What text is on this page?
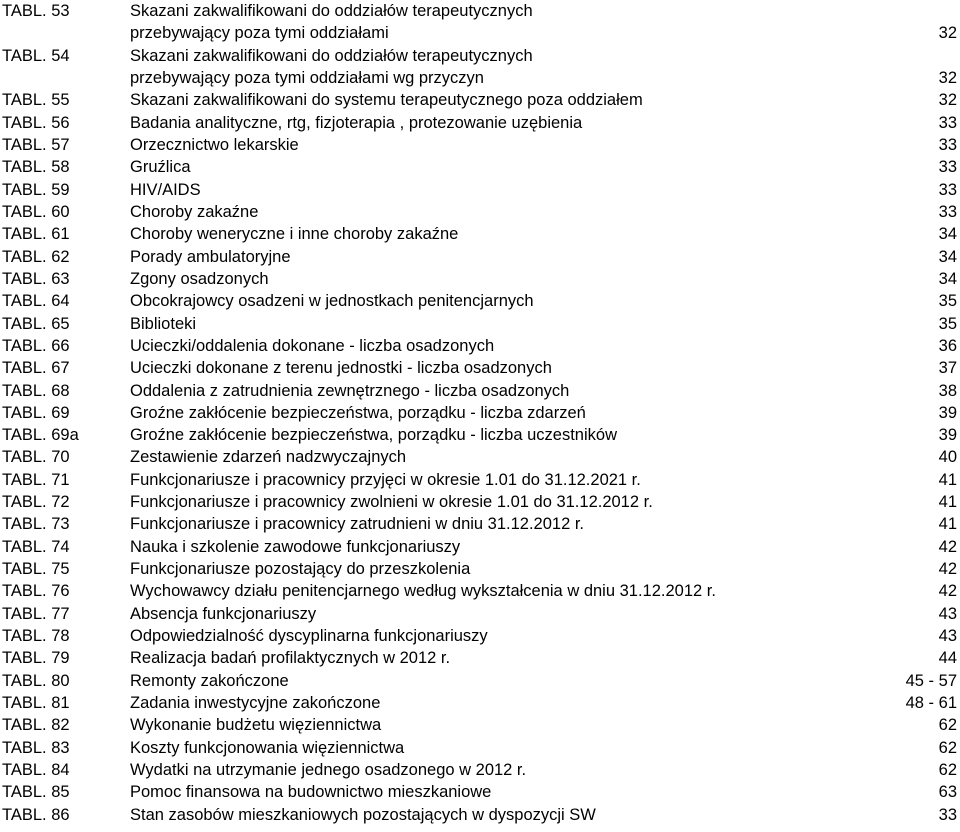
TABL. 53	Skazani zakwalifikowani do oddziałów terapeutycznych
przebywający poza tymi oddziałami	32
TABL. 54	Skazani zakwalifikowani do oddziałów terapeutycznych
przebywający poza tymi oddziałami wg przyczyn	32
TABL. 55	Skazani zakwalifikowani do systemu terapeutycznego poza oddziałem	32
TABL. 56	Badania analityczne, rtg, fizjoterapia , protezowanie uzębienia	33
TABL. 57	Orzecznictwo lekarskie	33
TABL. 58	Gruźlica	33
TABL. 59	HIV/AIDS	33
TABL. 60	Choroby zakaźne	33
TABL. 61	Choroby weneryczne i inne choroby zakaźne	34
TABL. 62	Porady ambulatoryjne	34
TABL. 63	Zgony osadzonych	34
TABL. 64	Obcokrajowcy osadzeni w jednostkach penitencjarnych	35
TABL. 65	Biblioteki	35
TABL. 66	Ucieczki/oddalenia dokonane - liczba osadzonych	36
TABL. 67	Ucieczki dokonane z terenu jednostki - liczba osadzonych	37
TABL. 68	Oddalenia z zatrudnienia zewnętrznego - liczba osadzonych	38
TABL. 69	Groźne zakłócenie bezpieczeństwa, porządku - liczba zdarzeń	39
TABL. 69a	Groźne zakłócenie bezpieczeństwa, porządku - liczba uczestników	39
TABL. 70	Zestawienie zdarzeń nadzwyczajnych	40
TABL. 71	Funkcjonariusze i pracownicy przyjęci w okresie 1.01 do 31.12.2021 r.	41
TABL. 72	Funkcjonariusze i pracownicy zwolnieni w okresie 1.01 do 31.12.2012 r.	41
TABL. 73	Funkcjonariusze i pracownicy zatrudnieni w dniu 31.12.2012 r.	41
TABL. 74	Nauka i szkolenie zawodowe funkcjonariuszy	42
TABL. 75	Funkcjonariusze pozostający do przeszkolenia	42
TABL. 76	Wychowawcy działu penitencjarnego według wykształcenia w dniu 31.12.2012 r.	42
TABL. 77	Absencja funkcjonariuszy	43
TABL. 78	Odpowiedzialność dyscyplinarna funkcjonariuszy	43
TABL. 79	Realizacja badań profilaktycznych w 2012 r.	44
TABL. 80	Remonty zakończone	45 - 57
TABL. 81	Zadania inwestycyjne zakończone	48 - 61
TABL. 82	Wykonanie budżetu więziennictwa	62
TABL. 83	Koszty funkcjonowania więziennictwa	62
TABL. 84	Wydatki na utrzymanie jednego osadzonego w 2012 r.	62
TABL. 85	Pomoc finansowa na budownictwo mieszkaniowe	63
TABL. 86	Stan zasobów mieszkaniowych pozostających w dyspozycji SW	33
